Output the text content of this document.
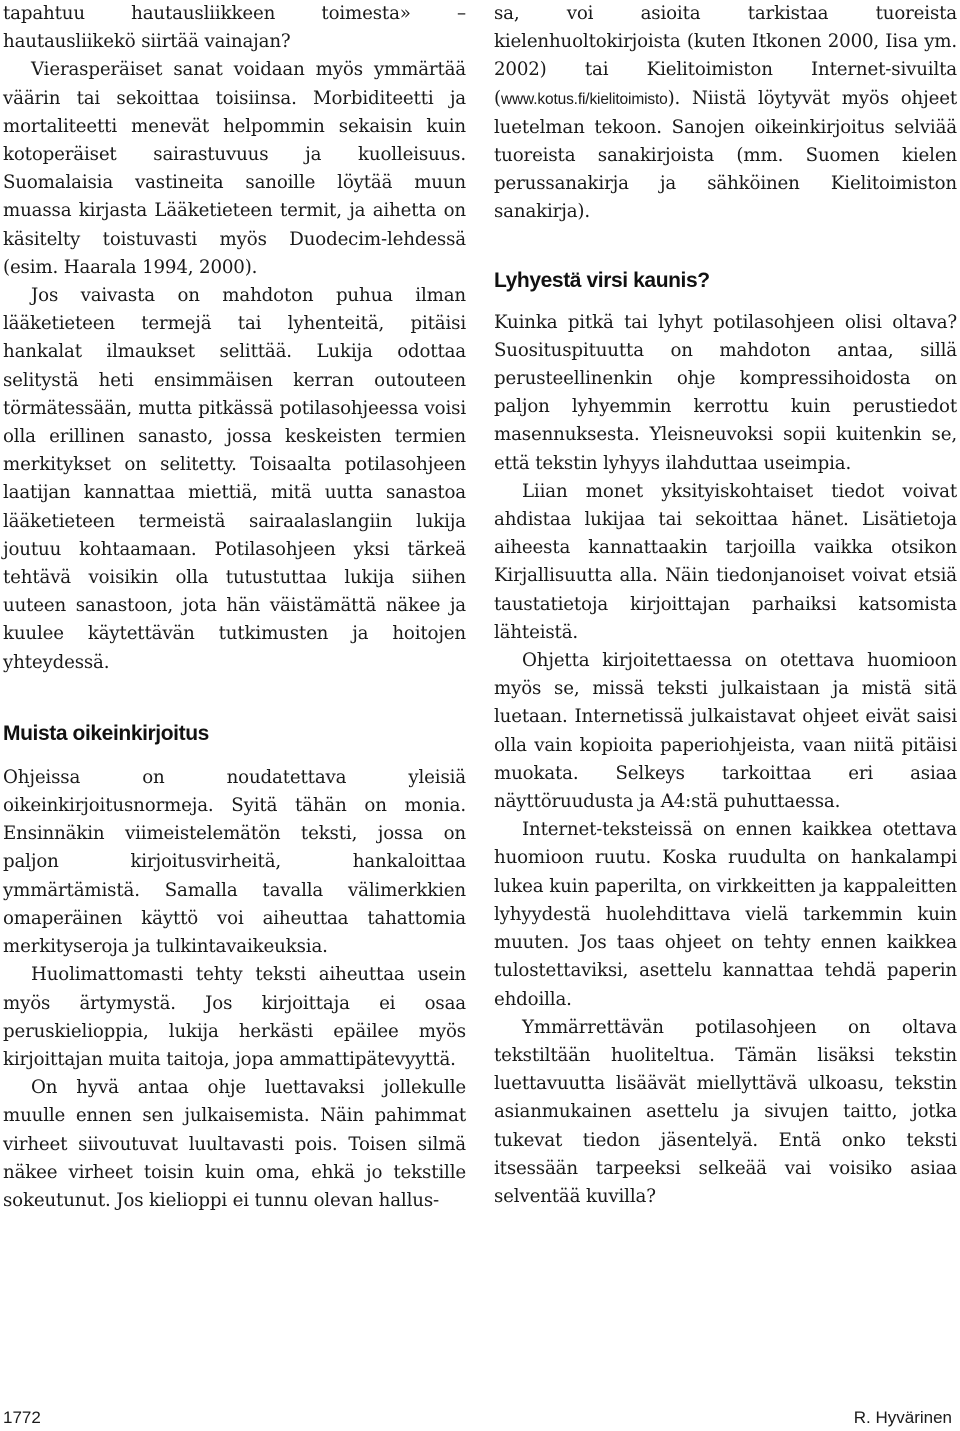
tapahtuu hautausliikkeen toimesta» – hautausliikekö siirtää vainajan?

Vierasperäiset sanat voidaan myös ymmärtää väärin tai sekoittaa toisiinsa. Morbiditeetti ja mortaliteetti menevät helpommin sekaisin kuin kotoperäiset sairastuvuus ja kuolleisuus. Suomalaisia vastineita sanoille löytää muun muassa kirjasta Lääketieteen termit, ja aihetta on käsitelty toistuvasti myös Duodecim-lehdessä (esim. Haarala 1994, 2000).

Jos vaivasta on mahdoton puhua ilman lääketieteen termejä tai lyhenteitä, pitäisi hankalat ilmaukset selittää. Lukija odottaa selitystä heti ensimmäisen kerran outouteen törmätessään, mutta pitkässä potilasohjeessa voisi olla erillinen sanasto, jossa keskeisten termien merkitykset on selitetty. Toisaalta potilasohjeen laatijan kannattaa miettiä, mitä uutta sanastoa lääketieteen termeistä sairaalaslangiin lukija joutuu kohtaamaan. Potilasohjeen yksi tärkeä tehtävä voisikin olla tutustuttaa lukija siihen uuteen sanastoon, jota hän väistämättä näkee ja kuulee käytettävän tutkimusten ja hoitojen yhteydessä.

Muista oikeinkirjoitus

Ohjeissa on noudatettava yleisiä oikeinkirjoitusnormeja. Syitä tähän on monia. Ensinnäkin viimeistelemätön teksti, jossa on paljon kirjoitusvirheitä, hankaloittaa ymmärtämistä. Samalla tavalla välimerkkien omaperäinen käyttö voi aiheuttaa tahattomia merkityseroja ja tulkintavaikeuksia.

Huolimattomasti tehty teksti aiheuttaa usein myös ärtymystä. Jos kirjoittaja ei osaa peruskielioppia, lukija herkästi epäilee myös kirjoittajan muita taitoja, jopa ammattipätevyyttä.

On hyvä antaa ohje luettavaksi jollekulle muulle ennen sen julkaisemista. Näin pahimmat virheet siivoutuvat luultavasti pois. Toisen silmä näkee virheet toisin kuin oma, ehkä jo tekstille sokeutunut. Jos kielioppi ei tunnu olevan hallus-

sa, voi asioita tarkistaa tuoreista kielenhuoltokirjoista (kuten Itkonen 2000, Iisa ym. 2002) tai Kielitoimiston Internet-sivuilta (www.kotus.fi/kielitoimisto). Niistä löytyvät myös ohjeet luetelman tekoon. Sanojen oikeinkirjoitus selviää tuoreista sanakirjoista (mm. Suomen kielen perussanakirja ja sähköinen Kielitoimiston sanakirja).

Lyhyestä virsi kaunis?

Kuinka pitkä tai lyhyt potilasohjeen olisi oltava? Suosituspituutta on mahdoton antaa, sillä perusteellinenkin ohje kompressihoidosta on paljon lyhyemmin kerrottu kuin perustiedot masennuksesta. Yleisneuvoksi sopii kuitenkin se, että tekstin lyhyys ilahduttaa useimpia.

Liian monet yksityiskohtaiset tiedot voivat ahdistaa lukijaa tai sekoittaa hänet. Lisätietoja aiheesta kannattaakin tarjoilla vaikka otsikon Kirjallisuutta alla. Näin tiedonjanoiset voivat etsiä taustatietoja kirjoittajan parhaiksi katsomista lähteistä.

Ohjetta kirjoitettaessa on otettava huomioon myös se, missä teksti julkaistaan ja mistä sitä luetaan. Internetissä julkaistavat ohjeet eivät saisi olla vain kopioita paperiohjeista, vaan niitä pitäisi muokata. Selkeys tarkoittaa eri asiaa näyttöruudusta ja A4:stä puhuttaessa.

Internet-teksteissä on ennen kaikkea otettava huomioon ruutu. Koska ruudulta on hankalampi lukea kuin paperilta, on virkkeitten ja kappaleitten lyhyydestä huolehdittava vielä tarkemmin kuin muuten. Jos taas ohjeet on tehty ennen kaikkea tulostettaviksi, asettelu kannattaa tehdä paperin ehdoilla.

Ymmärrettävän potilasohjeen on oltava tekstiltään huoliteltua. Tämän lisäksi tekstin luettavuutta lisäävät miellyttävä ulkoasu, tekstin asianmukainen asettelu ja sivujen taitto, jotka tukevat tiedon jäsentelyä. Entä onko teksti itsessään tarpeeksi selkeää vai voisiko asiaa selventää kuvilla?

1772	R. Hyvärinen
